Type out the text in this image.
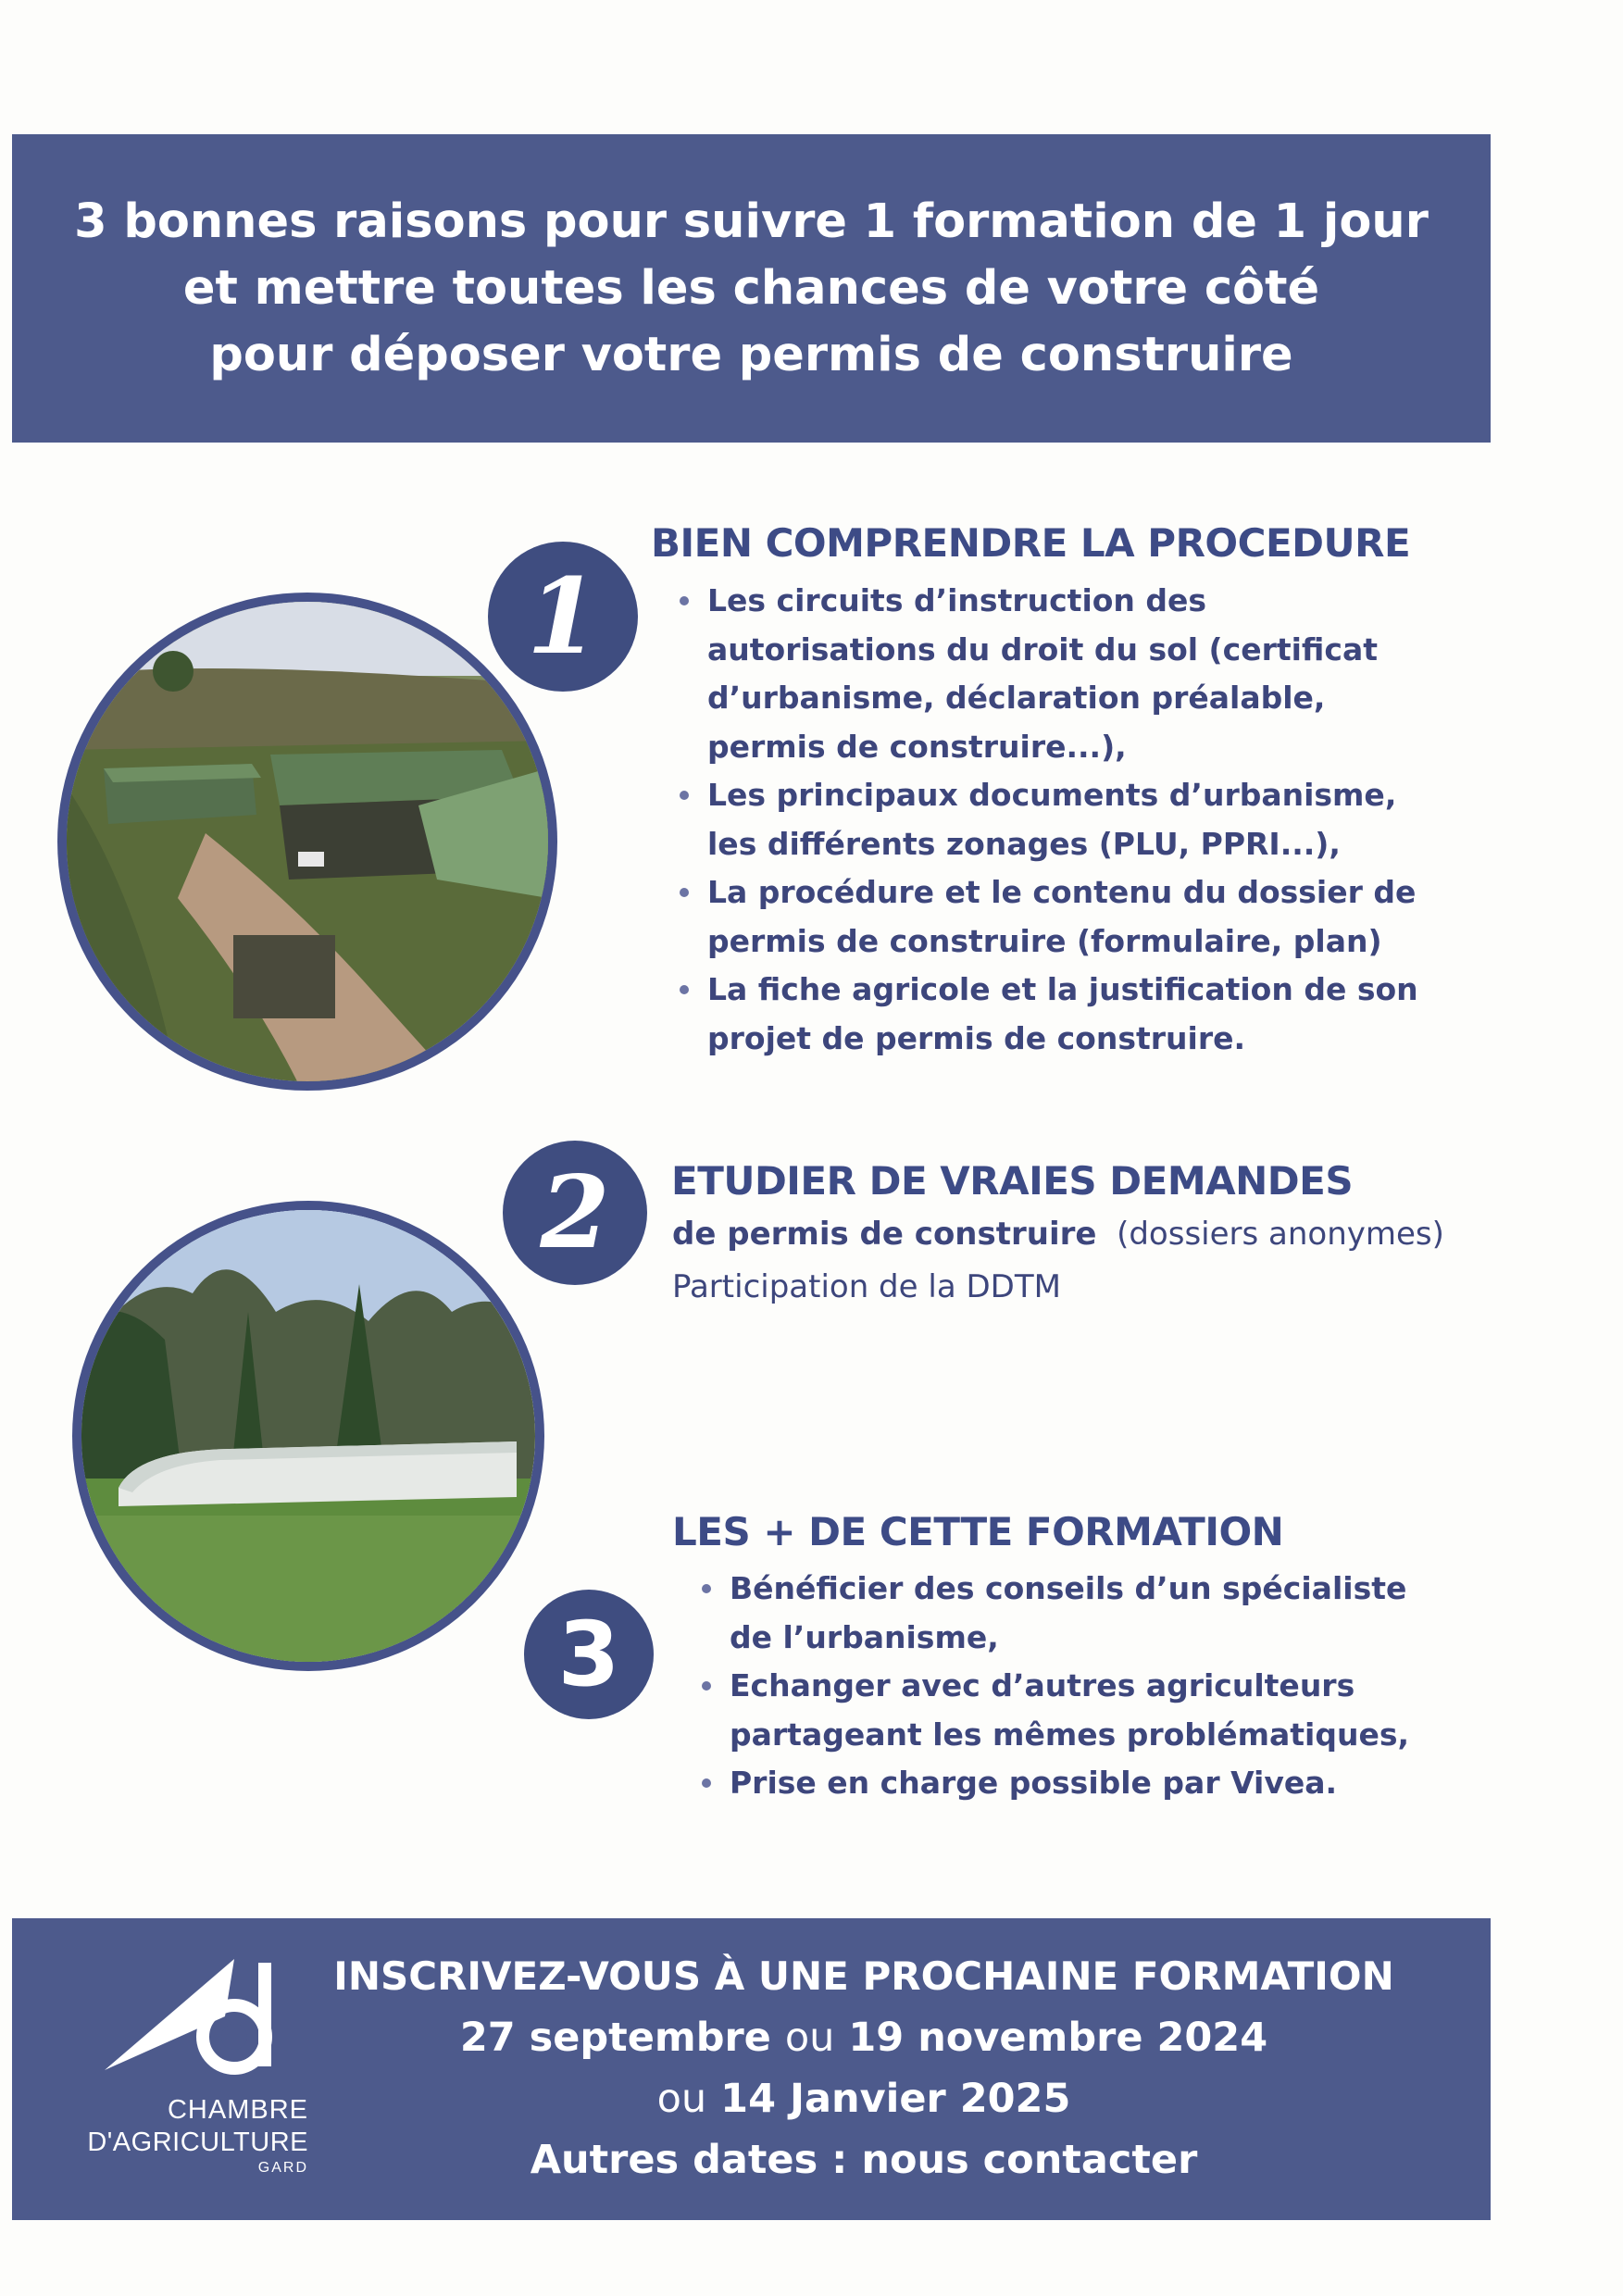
3 bonnes raisons pour suivre 1 formation de 1 jour
et mettre toutes les chances de votre côté
pour déposer votre permis de construire
1
BIEN COMPRENDRE LA PROCEDURE
Les circuits d’instruction des
autorisations du droit du sol (certificat
d’urbanisme, déclaration préalable,
permis de construire...),
Les principaux documents d’urbanisme,
les différents zonages (PLU, PPRI...),
La procédure et le contenu du dossier de
permis de construire (formulaire, plan)
La fiche agricole et la justification de son
projet de permis de construire.
2 ETUDIER DE VRAIES DEMANDES
de permis de construire (dossiers anonymes)
Participation de la DDTM
3
LES + DE CETTE FORMATION
Bénéficier des conseils d’un spécialiste
de l’urbanisme,
Echanger avec d’autres agriculteurs
partageant les mêmes problématiques,
Prise en charge possible par Vivea.
CHAMBRE
D'AGRICULTURE
GARD
INSCRIVEZ-VOUS À UNE PROCHAINE FORMATION
27 septembre ou 19 novembre 2024
ou 14 Janvier 2025
Autres dates : nous contacter
